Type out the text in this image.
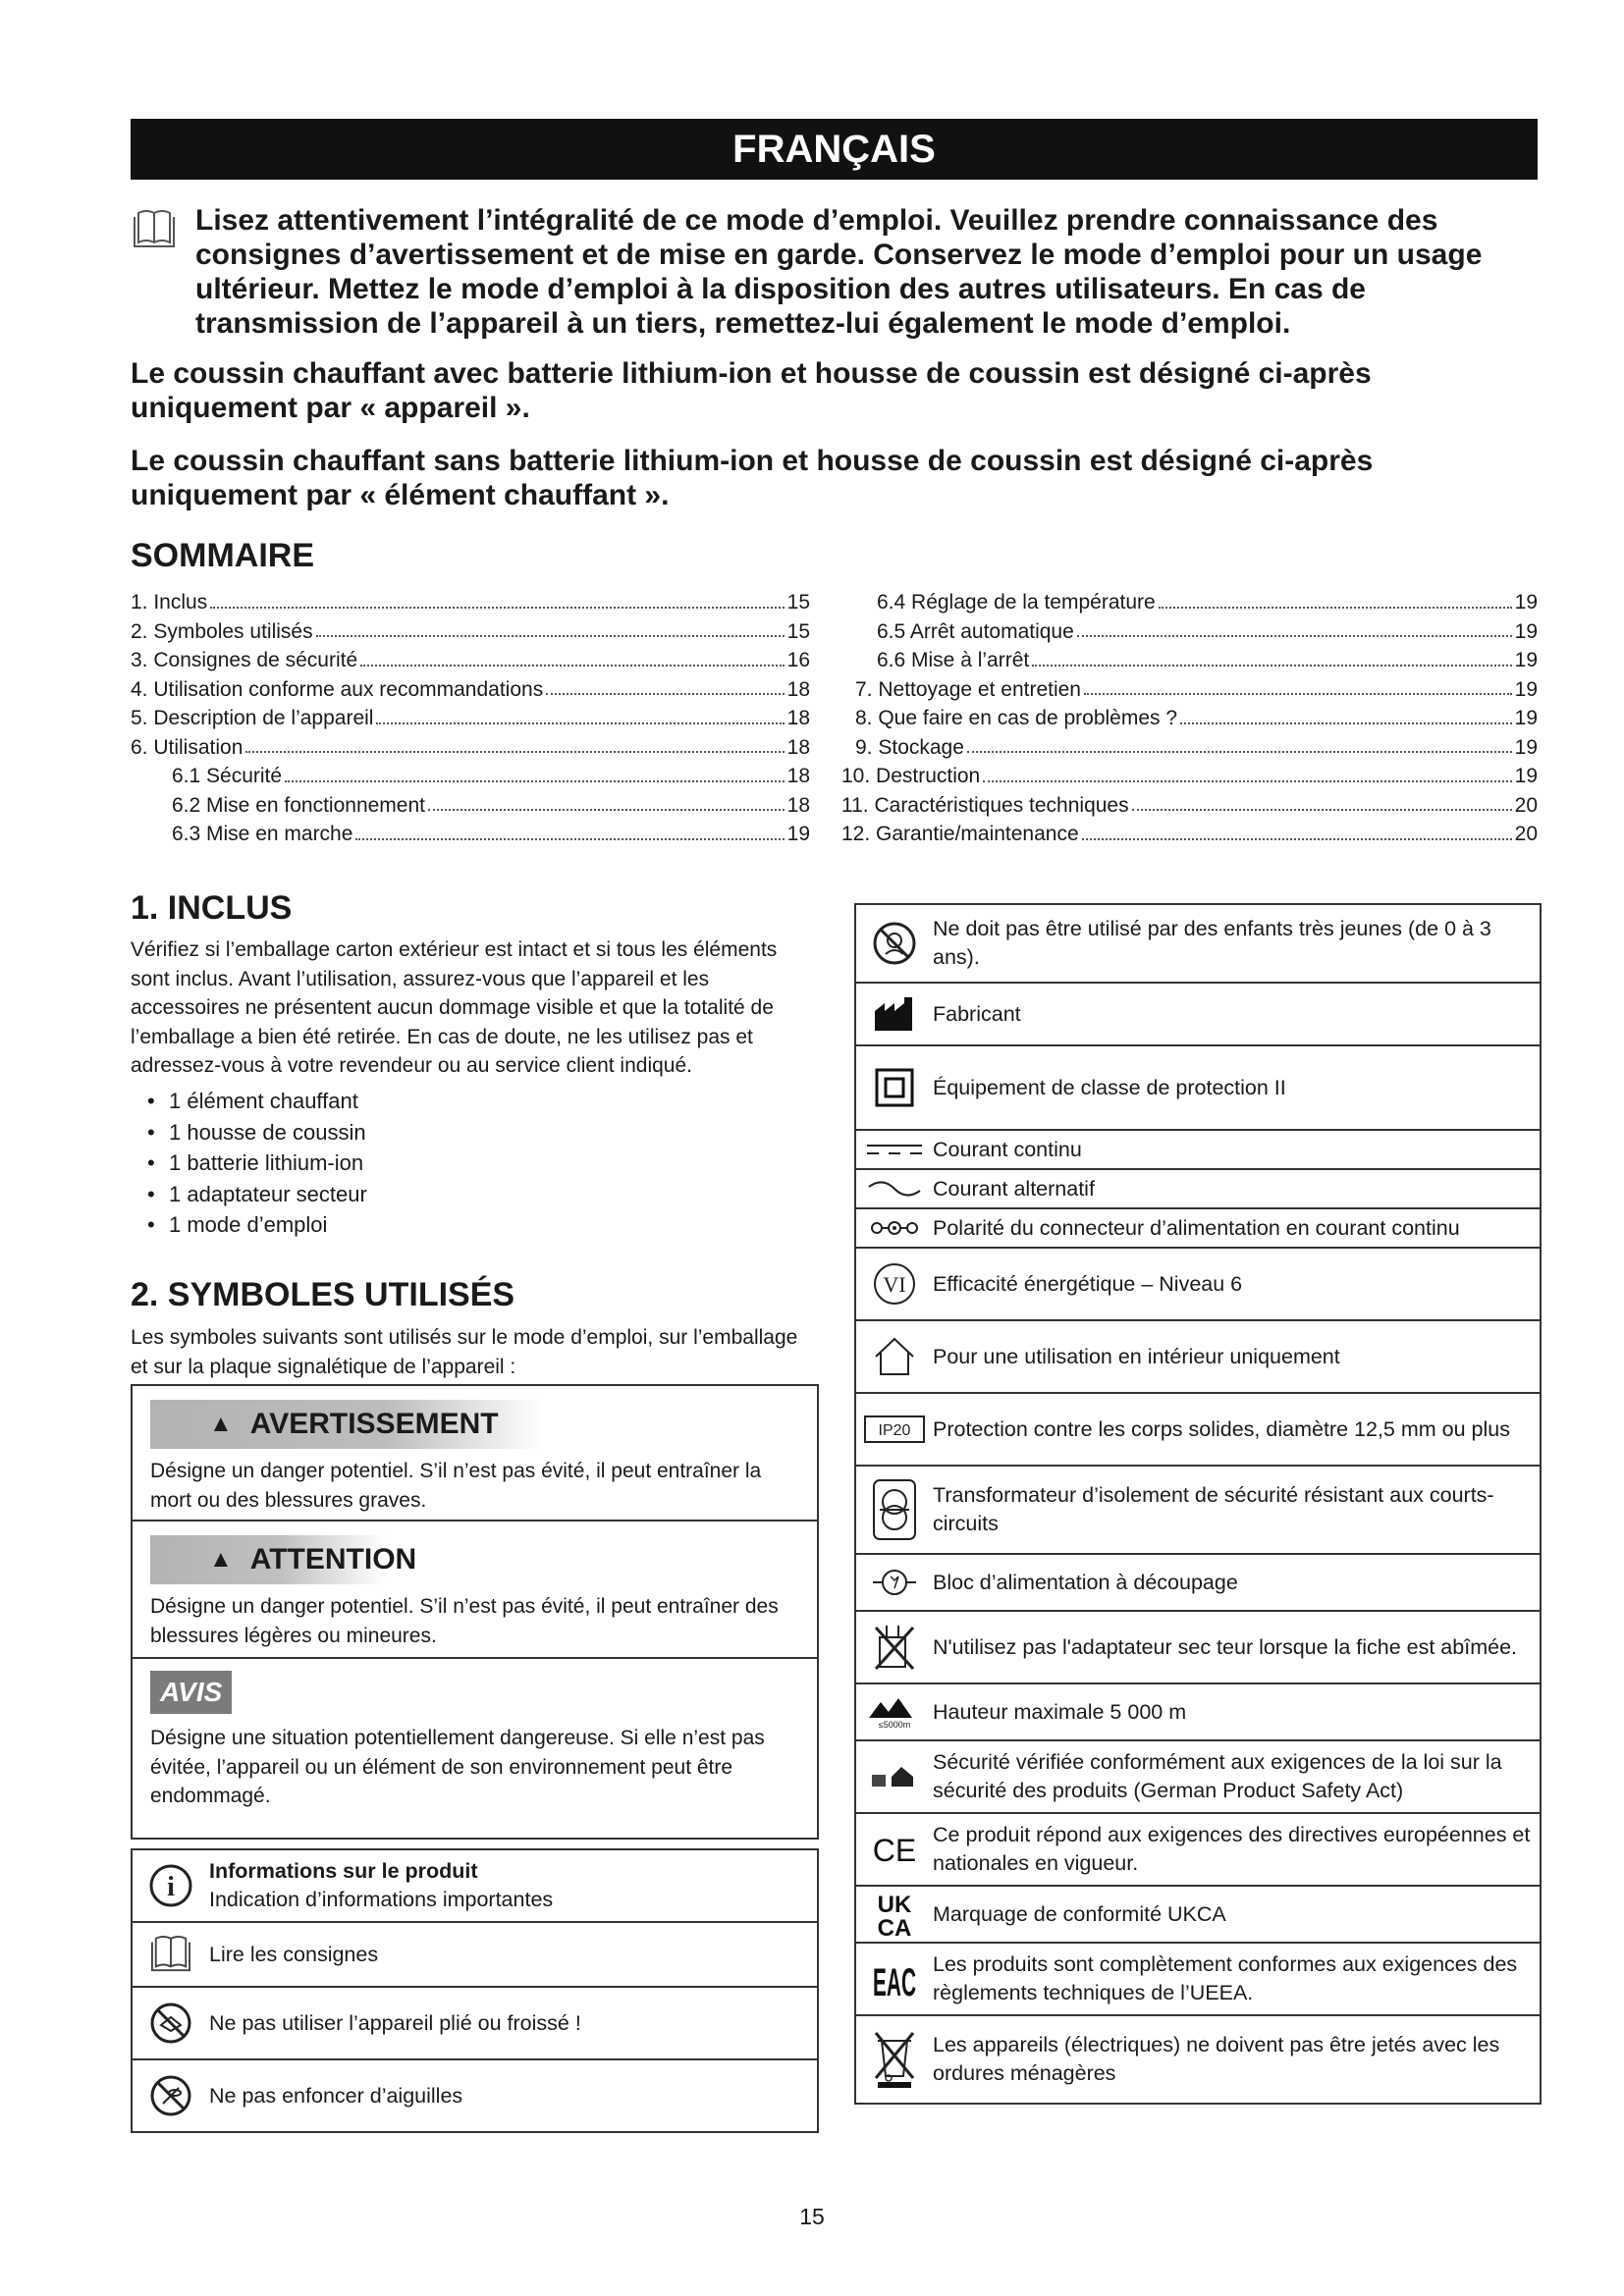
FRANÇAIS

Lisez attentivement l’intégralité de ce mode d’emploi. Veuillez prendre connaissance des consignes d’avertissement et de mise en garde. Conservez le mode d’emploi pour un usage ultérieur. Mettez le mode d’emploi à la disposition des autres utilisateurs. En cas de transmission de l’appareil à un tiers, remettez-lui également le mode d’emploi.

Le coussin chauffant avec batterie lithium-ion et housse de coussin est désigné ci-après uniquement par « appareil ».

Le coussin chauffant sans batterie lithium-ion et housse de coussin est désigné ci-après uniquement par « élément chauffant ».

SOMMAIRE
1. Inclus	15
2. Symboles utilisés	15
3. Consignes de sécurité	16
4. Utilisation conforme aux recommandations	18
5. Description de l’appareil	18
6. Utilisation	18
6.1 Sécurité	18
6.2 Mise en fonctionnement	18
6.3 Mise en marche	19
6.4 Réglage de la température	19
6.5 Arrêt automatique	19
6.6 Mise à l’arrêt	19
7. Nettoyage et entretien	19
8. Que faire en cas de problèmes ?	19
9. Stockage	19
10. Destruction	19
11. Caractéristiques techniques	20
12. Garantie/maintenance	20
1. INCLUS

Vérifiez si l’emballage carton extérieur est intact et si tous les éléments sont inclus. Avant l’utilisation, assurez-vous que l’appareil et les accessoires ne présentent aucun dommage visible et que la totalité de l’emballage a bien été retirée. En cas de doute, ne les utilisez pas et adressez-vous à votre revendeur ou au service client indiqué.

• 1 élément chauffant
• 1 housse de coussin
• 1 batterie lithium-ion
• 1 adaptateur secteur
• 1 mode d’emploi
2. SYMBOLES UTILISÉS

Les symboles suivants sont utilisés sur le mode d’emploi, sur l’emballage et sur la plaque signalétique de l’appareil :

▲ AVERTISSEMENT
Désigne un danger potentiel. S’il n’est pas évité, il peut entraîner la mort ou des blessures graves.
▲ ATTENTION
Désigne un danger potentiel. S’il n’est pas évité, il peut entraîner des blessures légères ou mineures.
AVIS
Désigne une situation potentiellement dangereuse. Si elle n’est pas évitée, l’appareil ou un élément de son environnement peut être endommagé.
i
Informations sur le produit
Indication d’informations importantes
Lire les consignes
Ne pas utiliser l’appareil plié ou froissé !
Ne pas enfoncer d’aiguilles
Ne doit pas être utilisé par des enfants très jeunes (de 0 à 3 ans).
Fabricant
Équipement de classe de protection II
Courant continu
Courant alternatif
Polarité du connecteur d’alimentation en courant continu
VI Efficacité énergétique – Niveau 6
Pour une utilisation en intérieur uniquement
IP20 Protection contre les corps solides, diamètre 12,5 mm ou plus
Transformateur d’isolement de sécurité résistant aux courts-circuits
Bloc d’alimentation à découpage
N'utilisez pas l'adaptateur sec teur lorsque la fiche est abîmée.
≤5000m
Hauteur maximale 5 000 m
Sécurité vérifiée conformément aux exigences de la loi sur la sécurité des produits (German Product Safety Act)
CE Ce produit répond aux exigences des directives européennes et nationales en vigueur.
UK
CA
Marquage de conformité UKCA
EAC Les produits sont complètement conformes aux exigences des règlements techniques de l’UEEA.
Les appareils (électriques) ne doivent pas être jetés avec les ordures ménagères
15
